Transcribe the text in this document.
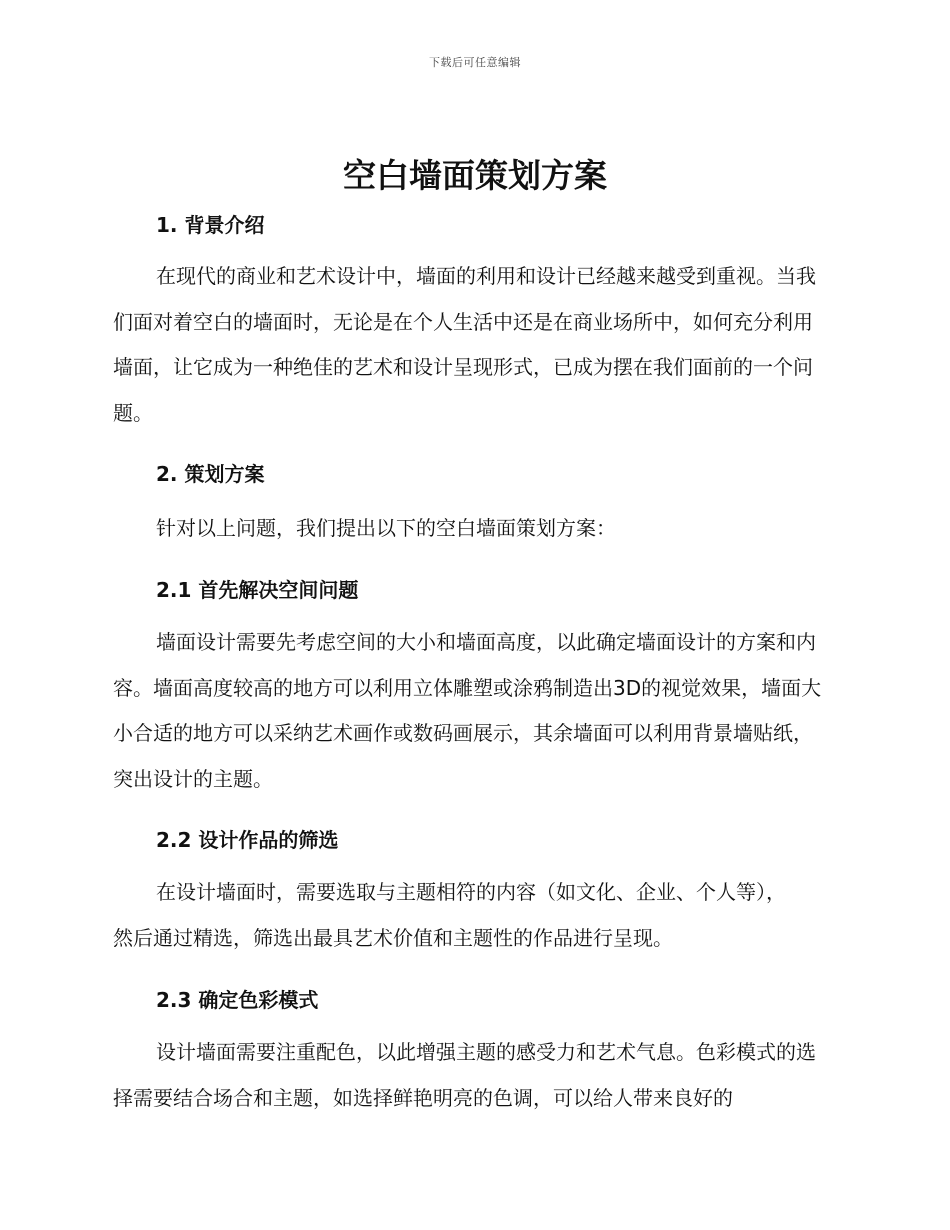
下载后可任意编辑
空白墙面策划方案
1. 背景介绍

在现代的商业和艺术设计中，墙面的利用和设计已经越来越受到重视。当我们面对着空白的墙面时，无论是在个人生活中还是在商业场所中，如何充分利用墙面，让它成为一种绝佳的艺术和设计呈现形式，已成为摆在我们面前的一个问题。

2. 策划方案

针对以上问题，我们提出以下的空白墙面策划方案：

2.1 首先解决空间问题

墙面设计需要先考虑空间的大小和墙面高度，以此确定墙面设计的方案和内容。墙面高度较高的地方可以利用立体雕塑或涂鸦制造出3D的视觉效果，墙面大小合适的地方可以采纳艺术画作或数码画展示，其余墙面可以利用背景墙贴纸，突出设计的主题。

2.2 设计作品的筛选

在设计墙面时，需要选取与主题相符的内容（如文化、企业、个人等），然后通过精选，筛选出最具艺术价值和主题性的作品进行呈现。

2.3 确定色彩模式

设计墙面需要注重配色，以此增强主题的感受力和艺术气息。色彩模式的选择需要结合场合和主题，如选择鲜艳明亮的色调，可以给人带来良好的
